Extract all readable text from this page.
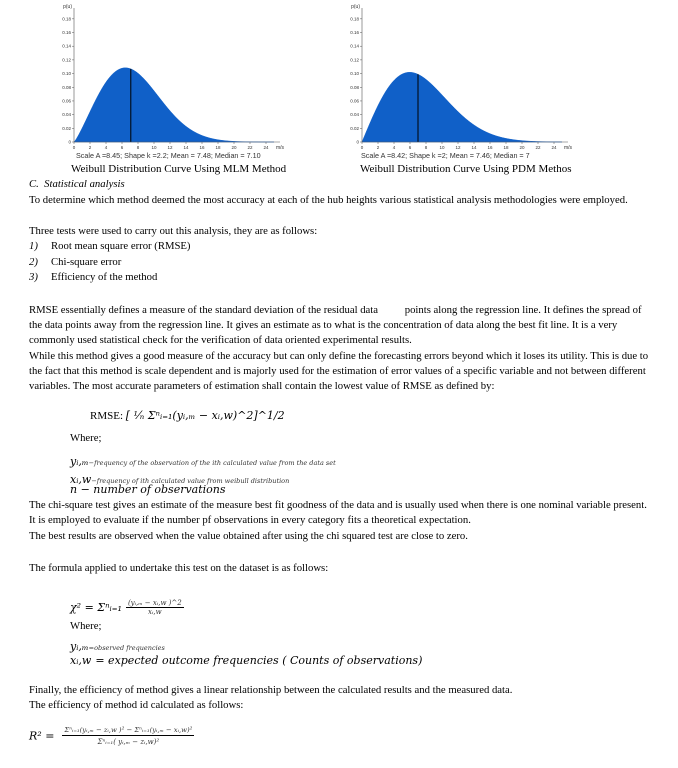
0
0.02
0.04
0.06
0.08
0.10
0.12
0.14
0.16
0.18
0	2	4	6	8	10 12 14 16 18 20 22 24
p(u)
m/s
0
0.02
0.04
0.06
0.08
0.10
0.12
0.14
0.16
0.18
0	2	4	6	8	10 12 14 16 18 20 22 24
p(u)
m/s
Scale A =8.45; Shape k =2.2; Mean = 7.48; Median = 7.10	Scale A =8.42; Shape k =2; Mean = 7.46; Median = 7
Weibull Distribution Curve Using MLM Method	Weibull Distribution Curve Using PDM Methos
C. Statistical analysis
To determine which method deemed the most accuracy at each of the hub heights various statistical analysis methodologies were employed.
Three tests were used to carry out this analysis, they are as follows:
1) Root mean square error (RMSE)
2) Chi-square error
3) Efficiency of the method
RMSE essentially defines a measure of the standard deviation of the residual data          points along the regression line. It defines the spread of the data points away from the regression line. It gives an estimate as to what is the concentration of data along the best fit line. It is a very commonly used statistical check for the verification of data oriented experimental results.
While this method gives a good measure of the accuracy but can only define the forecasting errors beyond which it loses its utility. This is due to the fact that this method is scale dependent and is majorly used for the estimation of error values of a specific variable and not between different variables. The most accurate parameters of estimation shall contain the lowest value of RMSE as defined by:
RMSE: [ ¹⁄ₙ Σⁿᵢ₌₁(yᵢ,ₘ − xᵢ,w)^2]^1/2
Where;
yᵢ,ₘ−frequency of the observation of the ith calculated value from the data set
xᵢ,w−frequency of ith calculated value from weibull distribution
n − number of observations
The chi-square test gives an estimate of the measure best fit goodness of the data and is usually used when there is one nominal variable present. It is employed to evaluate if the number pf observations in every category fits a theoretical expectation.
The best results are observed when the value obtained after using the chi squared test are close to zero.
The formula applied to undertake this test on the dataset is as follows:
χ² = Σⁿᵢ₌₁ $\frac{\text{(yᵢ,ₘ − xᵢ,w )\textasciicircum{}2}}{\text{xᵢ,w}}$
Where;
yᵢ,ₘ=observed frequencies
xᵢ,w = expected outcome frequencies ( Counts of observations)
Finally, the efficiency of method gives a linear relationship between the calculated results and the measured data.
The efficiency of method id calculated as follows:
R² = Σⁿᵢ₌₁(yᵢ,ₘ − zᵢ,w )² − Σⁿᵢ₌₁(yᵢ,ₘ − xᵢ,w)²
Σⁿᵢ₌₁( yᵢ,ₘ − zᵢ,w)²
